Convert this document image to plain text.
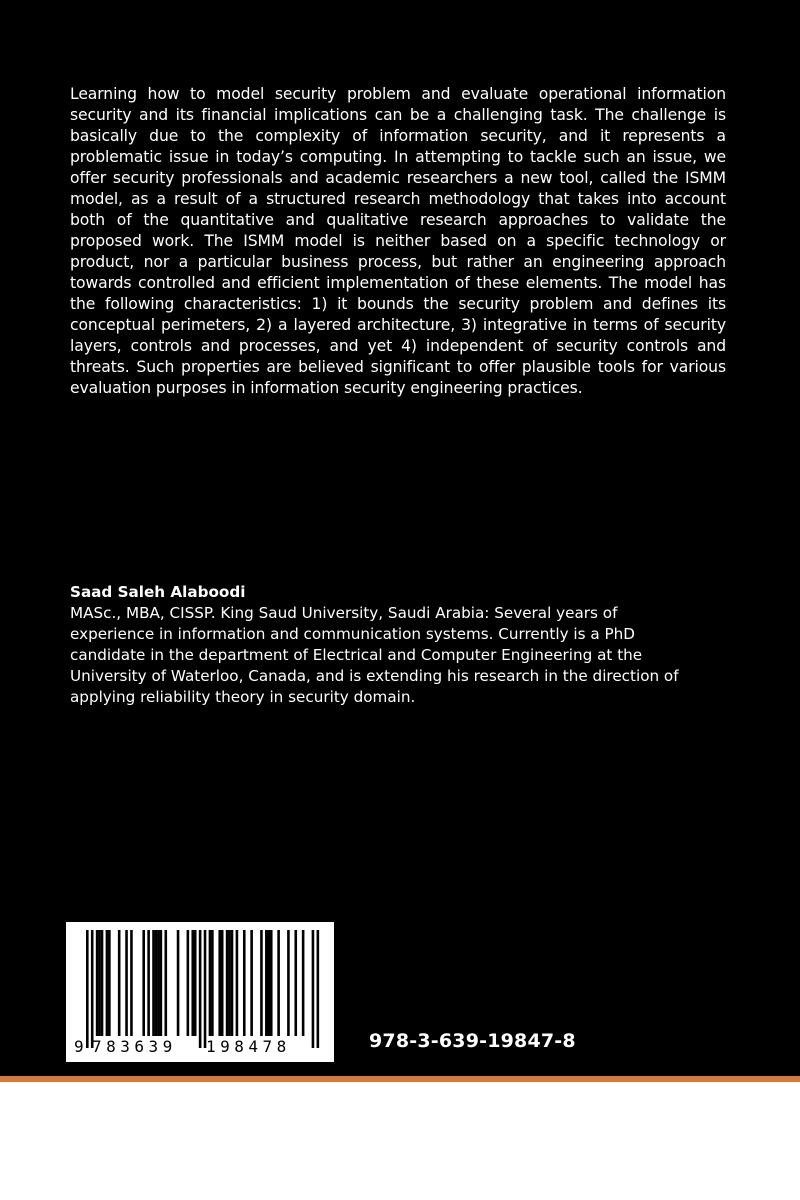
Learning how to model security problem and evaluate operational information security and its financial implications can be a challenging task. The challenge is basically due to the complexity of information security, and it represents a problematic issue in today’s computing. In attempting to tackle such an issue, we offer security professionals and academic researchers a new tool, called the ISMM model, as a result of a structured research methodology that takes into account both of the quantitative and qualitative research approaches to validate the proposed work. The ISMM model is neither based on a specific technology or product, nor a particular business process, but rather an engineering approach towards controlled and efficient implementation of these elements. The model has the following characteristics: 1) it bounds the security problem and defines its conceptual perimeters, 2) a layered architecture, 3) integrative in terms of security layers, controls and processes, and yet 4) independent of security controls and threats. Such properties are believed significant to offer plausible tools for various evaluation purposes in information security engineering practices.

Saad Saleh Alaboodi
MASc., MBA, CISSP. King Saud University, Saudi Arabia: Several years of experience in information and communication systems. Currently is a PhD candidate in the department of Electrical and Computer Engineering at the University of Waterloo, Canada, and is extending his research in the direction of applying reliability theory in security domain.
9 783639 198478	978-3-639-19847-8
